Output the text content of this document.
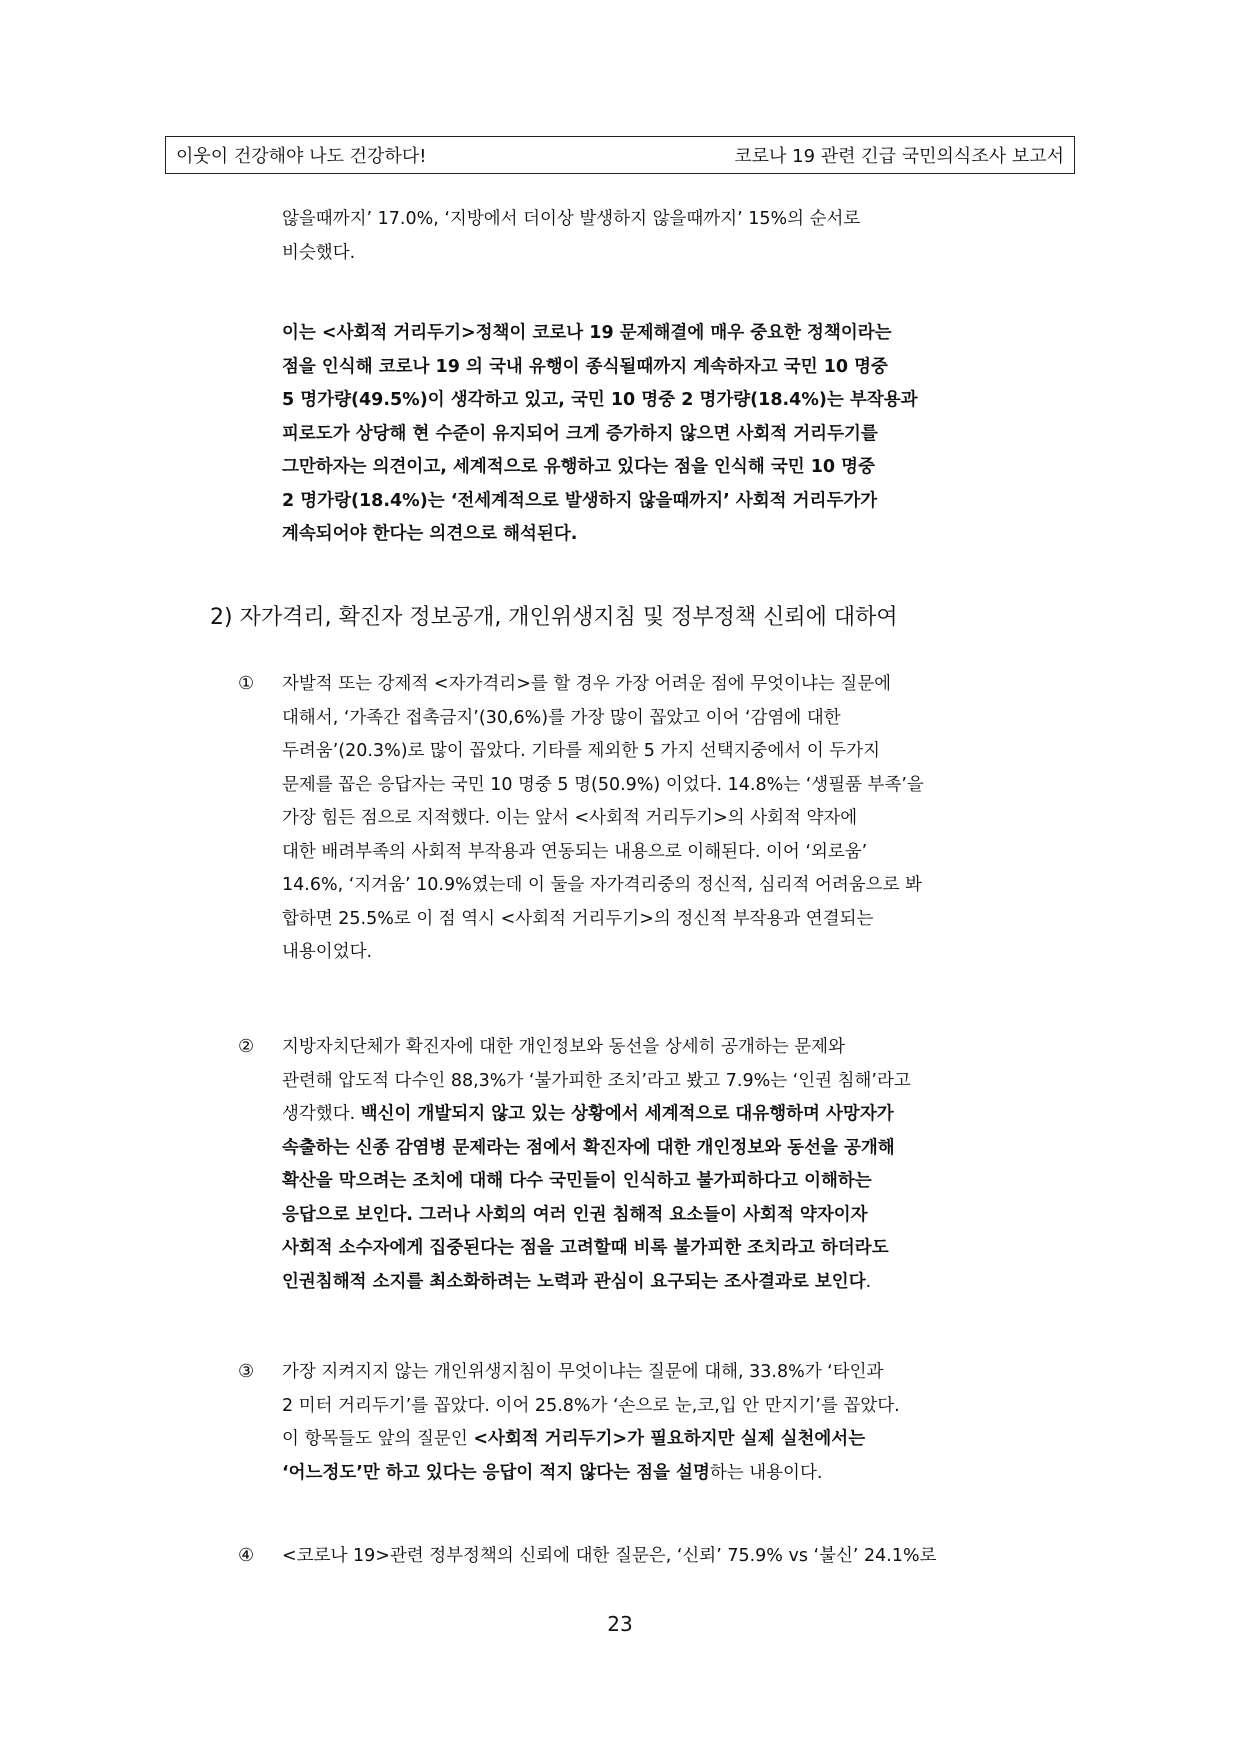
이웃이 건강해야 나도 건강하다!	코로나 19 관련 긴급 국민의식조사 보고서
않을때까지’ 17.0%, ‘지방에서 더이상 발생하지 않을때까지’ 15%의 순서로
비슷했다.
이는 <사회적 거리두기>정책이 코로나 19 문제해결에 매우 중요한 정책이라는
점을 인식해 코로나 19 의 국내 유행이 종식될때까지 계속하자고 국민 10 명중
5 명가량(49.5%)이 생각하고 있고, 국민 10 명중 2 명가량(18.4%)는 부작용과
피로도가 상당해 현 수준이 유지되어 크게 증가하지 않으면 사회적 거리두기를
그만하자는 의견이고, 세계적으로 유행하고 있다는 점을 인식해 국민 10 명중
2 명가랑(18.4%)는 ‘전세계적으로 발생하지 않을때까지’ 사회적 거리두가가
계속되어야 한다는 의견으로 해석된다.
2) 자가격리, 확진자 정보공개, 개인위생지침 및 정부정책 신뢰에 대하여
① 자발적 또는 강제적 <자가격리>를 할 경우 가장 어려운 점에 무엇이냐는 질문에
대해서, ‘가족간 접촉금지’(30,6%)를 가장 많이 꼽았고 이어 ‘감염에 대한
두려움’(20.3%)로 많이 꼽았다. 기타를 제외한 5 가지 선택지중에서 이 두가지
문제를 꼽은 응답자는 국민 10 명중 5 명(50.9%) 이었다. 14.8%는 ‘생필품 부족’을
가장 힘든 점으로 지적했다. 이는 앞서 <사회적 거리두기>의 사회적 약자에
대한 배려부족의 사회적 부작용과 연동되는 내용으로 이해된다. 이어 ‘외로움’
14.6%, ‘지겨움’ 10.9%였는데 이 둘을 자가격리중의 정신적, 심리적 어려움으로 봐
합하면 25.5%로 이 점 역시 <사회적 거리두기>의 정신적 부작용과 연결되는
내용이었다.
② 지방자치단체가 확진자에 대한 개인정보와 동선을 상세히 공개하는 문제와
관련해 압도적 다수인 88,3%가 ‘불가피한 조치’라고 봤고 7.9%는 ‘인권 침해’라고
생각했다. 백신이 개발되지 않고 있는 상황에서 세계적으로 대유행하며 사망자가
속출하는 신종 감염병 문제라는 점에서 확진자에 대한 개인정보와 동선을 공개해
확산을 막으려는 조치에 대해 다수 국민들이 인식하고 불가피하다고 이해하는
응답으로 보인다. 그러나 사회의 여러 인권 침해적 요소들이 사회적 약자이자
사회적 소수자에게 집중된다는 점을 고려할때 비록 불가피한 조치라고 하더라도
인권침해적 소지를 최소화하려는 노력과 관심이 요구되는 조사결과로 보인다.
③ 가장 지켜지지 않는 개인위생지침이 무엇이냐는 질문에 대해, 33.8%가 ‘타인과
2 미터 거리두기’를 꼽았다. 이어 25.8%가 ‘손으로 눈,코,입 안 만지기’를 꼽았다.
이 항목들도 앞의 질문인 <사회적 거리두기>가 필요하지만 실제 실천에서는
‘어느정도’만 하고 있다는 응답이 적지 않다는 점을 설명하는 내용이다.
④ <코로나 19>관련 정부정책의 신뢰에 대한 질문은, ‘신뢰’ 75.9% vs ‘불신’ 24.1%로
23
